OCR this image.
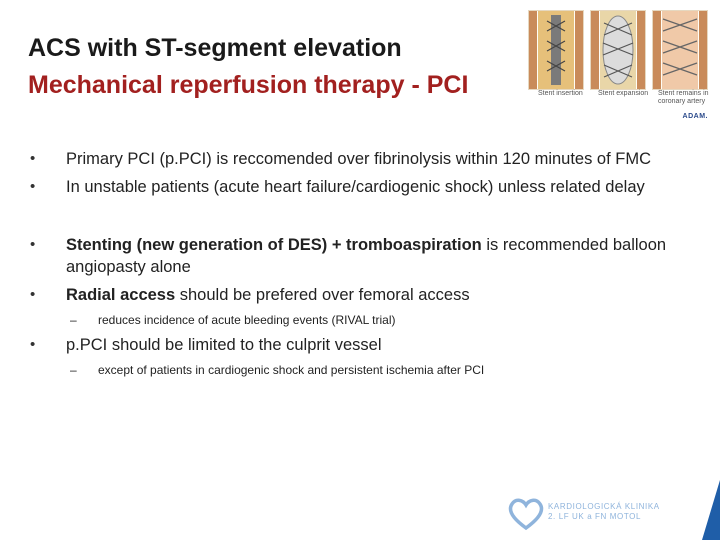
ACS with ST-segment elevation
Mechanical reperfusion therapy - PCI	Stent insertion	Stent expansion	Stent remains in coronary artery
ADAM.
• Primary PCI (p.PCI) is reccomended over fibrinolysis within 120 minutes of FMC
• In unstable patients (acute heart failure/cardiogenic shock) unless related delay
• Stenting (new generation of DES) + tromboaspiration is recommended balloon angiopasty alone
• Radial access should be prefered over femoral access
– reduces incidence of acute bleeding events (RIVAL trial)
• p.PCI should be limited to the culprit vessel
– except of patients in cardiogenic shock and persistent ischemia after PCI
KARDIOLOGICKÁ KLINIKA
2. LF UK a FN MOTOL
